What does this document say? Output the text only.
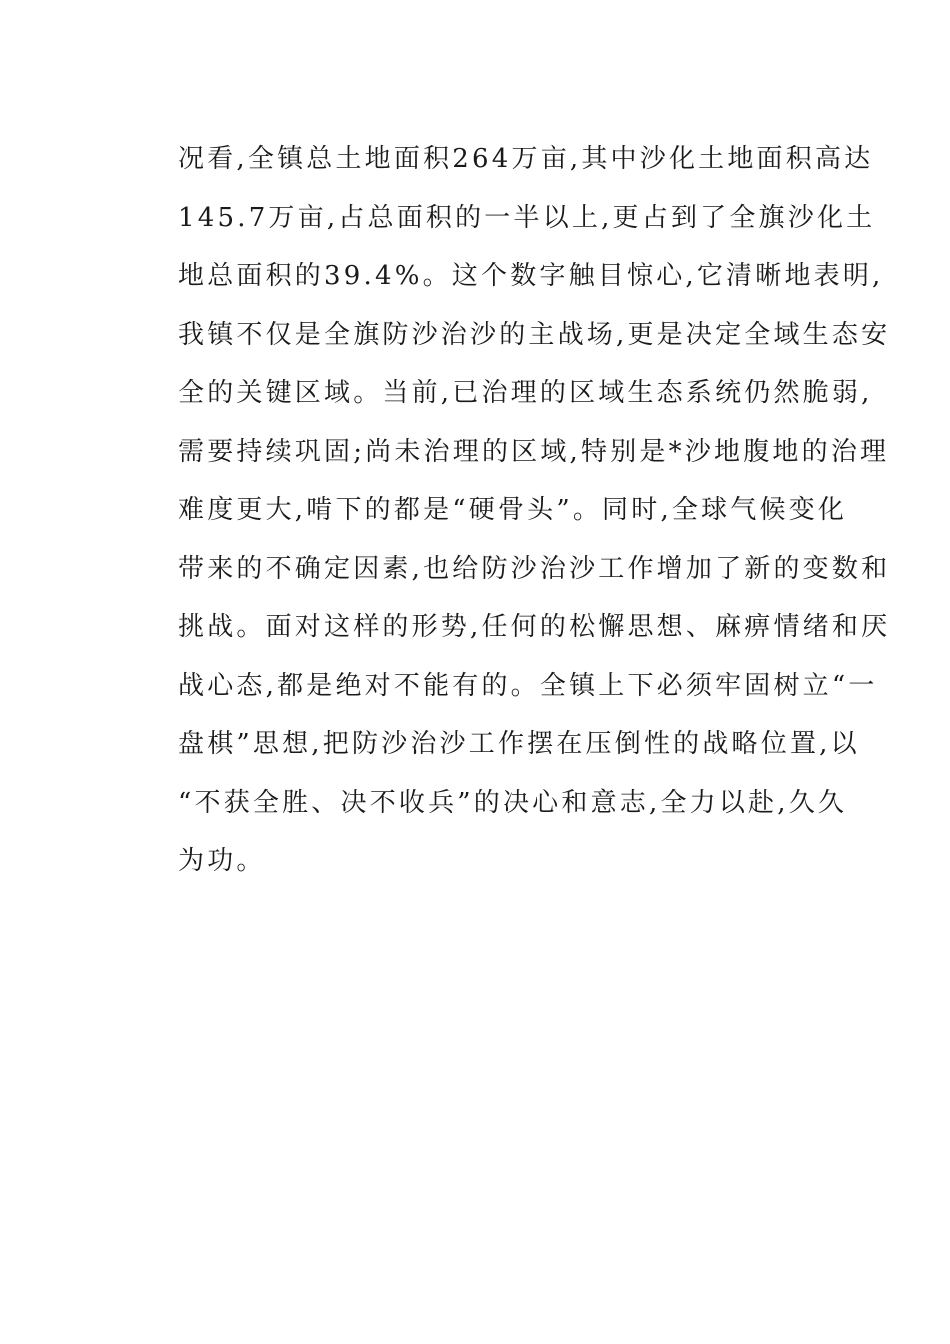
况看,全镇总土地面积264万亩,其中沙化土地面积高达
145.7万亩,占总面积的一半以上,更占到了全旗沙化土
地总面积的39.4%。这个数字触目惊心,它清晰地表明,
我镇不仅是全旗防沙治沙的主战场,更是决定全域生态安
全的关键区域。当前,已治理的区域生态系统仍然脆弱,
需要持续巩固;尚未治理的区域,特别是*沙地腹地的治理
难度更大,啃下的都是“硬骨头”。同时,全球气候变化
带来的不确定因素,也给防沙治沙工作增加了新的变数和
挑战。面对这样的形势,任何的松懈思想、麻痹情绪和厌
战心态,都是绝对不能有的。全镇上下必须牢固树立“一
盘棋”思想,把防沙治沙工作摆在压倒性的战略位置,以
“不获全胜、决不收兵”的决心和意志,全力以赴,久久
为功。
